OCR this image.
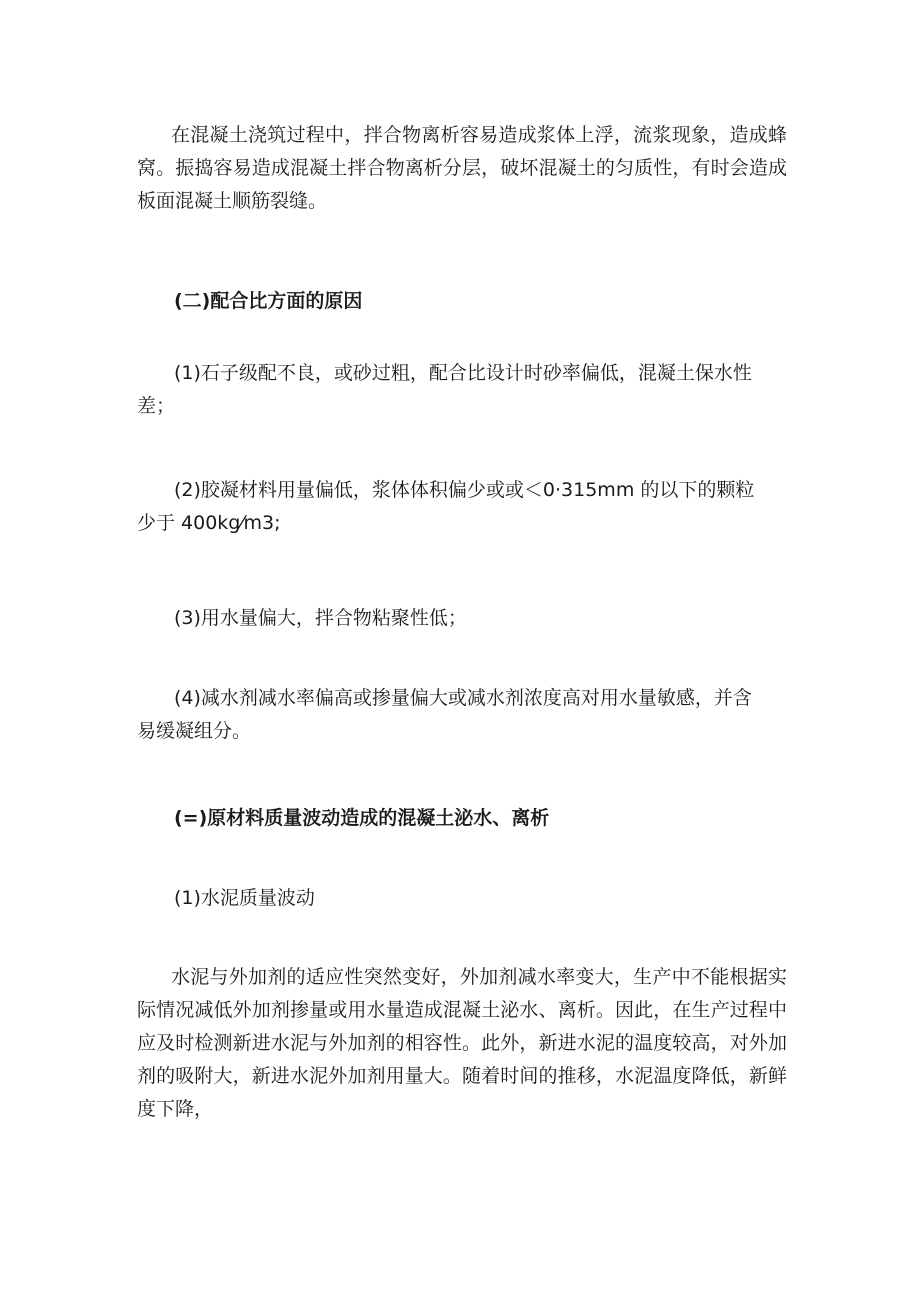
在混凝土浇筑过程中，拌合物离析容易造成浆体上浮，流浆现象，造成蜂窝。振捣容易造成混凝土拌合物离析分层，破坏混凝土的匀质性，有时会造成板面混凝土顺筋裂缝。

(二)配合比方面的原因

(1)石子级配不良，或砂过粗，配合比设计时砂率偏低，混凝土保水性
差；

(2)胶凝材料用量偏低，浆体体积偏少或或＜0·315mm 的以下的颗粒
少于 400kg⁄m3;

(3)用水量偏大，拌合物粘聚性低；

(4)减水剂减水率偏高或掺量偏大或减水剂浓度高对用水量敏感，并含
易缓凝组分。

(=)原材料质量波动造成的混凝土泌水、离析

(1)水泥质量波动

水泥与外加剂的适应性突然变好，外加剂减水率变大，生产中不能根据实际情况减低外加剂掺量或用水量造成混凝土泌水、离析。因此，在生产过程中应及时检测新进水泥与外加剂的相容性。此外，新进水泥的温度较高，对外加剂的吸附大，新进水泥外加剂用量大。随着时间的推移，水泥温度降低，新鲜度下降，
